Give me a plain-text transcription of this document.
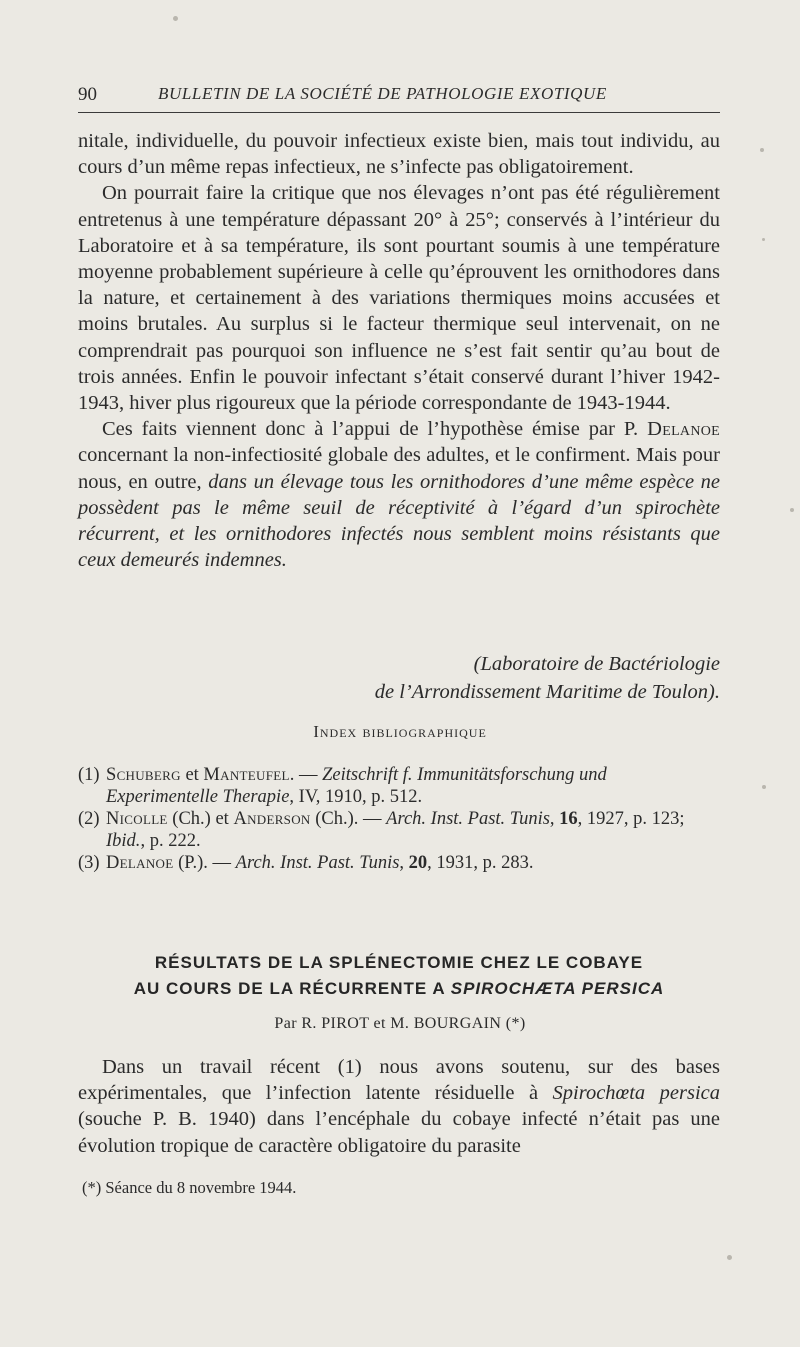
90	BULLETIN DE LA SOCIÉTÉ DE PATHOLOGIE EXOTIQUE

nitale, individuelle, du pouvoir infectieux existe bien, mais tout individu, au cours d’un même repas infectieux, ne s’infecte pas obligatoirement.

On pourrait faire la critique que nos élevages n’ont pas été régulièrement entretenus à une température dépassant 20° à 25°; conservés à l’intérieur du Laboratoire et à sa température, ils sont pourtant soumis à une température moyenne probablement supérieure à celle qu’éprouvent les ornithodores dans la nature, et certainement à des variations thermiques moins accusées et moins brutales. Au surplus si le facteur thermique seul intervenait, on ne comprendrait pas pourquoi son influence ne s’est fait sentir qu’au bout de trois années. Enfin le pouvoir infectant s’était conservé durant l’hiver 1942-1943, hiver plus rigoureux que la période correspondante de 1943-1944.

Ces faits viennent donc à l’appui de l’hypothèse émise par P. Delanoe concernant la non-infectiosité globale des adultes, et le confirment. Mais pour nous, en outre, dans un élevage tous les ornithodores d’une même espèce ne possèdent pas le même seuil de réceptivité à l’égard d’un spirochète récurrent, et les ornithodores infectés nous semblent moins résistants que ceux demeurés indemnes.

(Laboratoire de Bactériologie
de l’Arrondissement Maritime de Toulon).
Index bibliographique
(1) Schuberg et Manteufel. — Zeitschrift f. Immunitätsforschung und Experimentelle Therapie, IV, 1910, p. 512.
(2) Nicolle (Ch.) et Anderson (Ch.). — Arch. Inst. Past. Tunis, 16, 1927, p. 123; Ibid., p. 222.
(3) Delanoe (P.). — Arch. Inst. Past. Tunis, 20, 1931, p. 283.
RÉSULTATS DE LA SPLÉNECTOMIE CHEZ LE COBAYE
AU COURS DE LA RÉCURRENTE A SPIROCHÆTA PERSICA
Par R. PIROT et M. BOURGAIN (*)

Dans un travail récent (1) nous avons soutenu, sur des bases expérimentales, que l’infection latente résiduelle à Spirochœta persica (souche P. B. 1940) dans l’encéphale du cobaye infecté n’était pas une évolution tropique de caractère obligatoire du parasite

(*) Séance du 8 novembre 1944.
